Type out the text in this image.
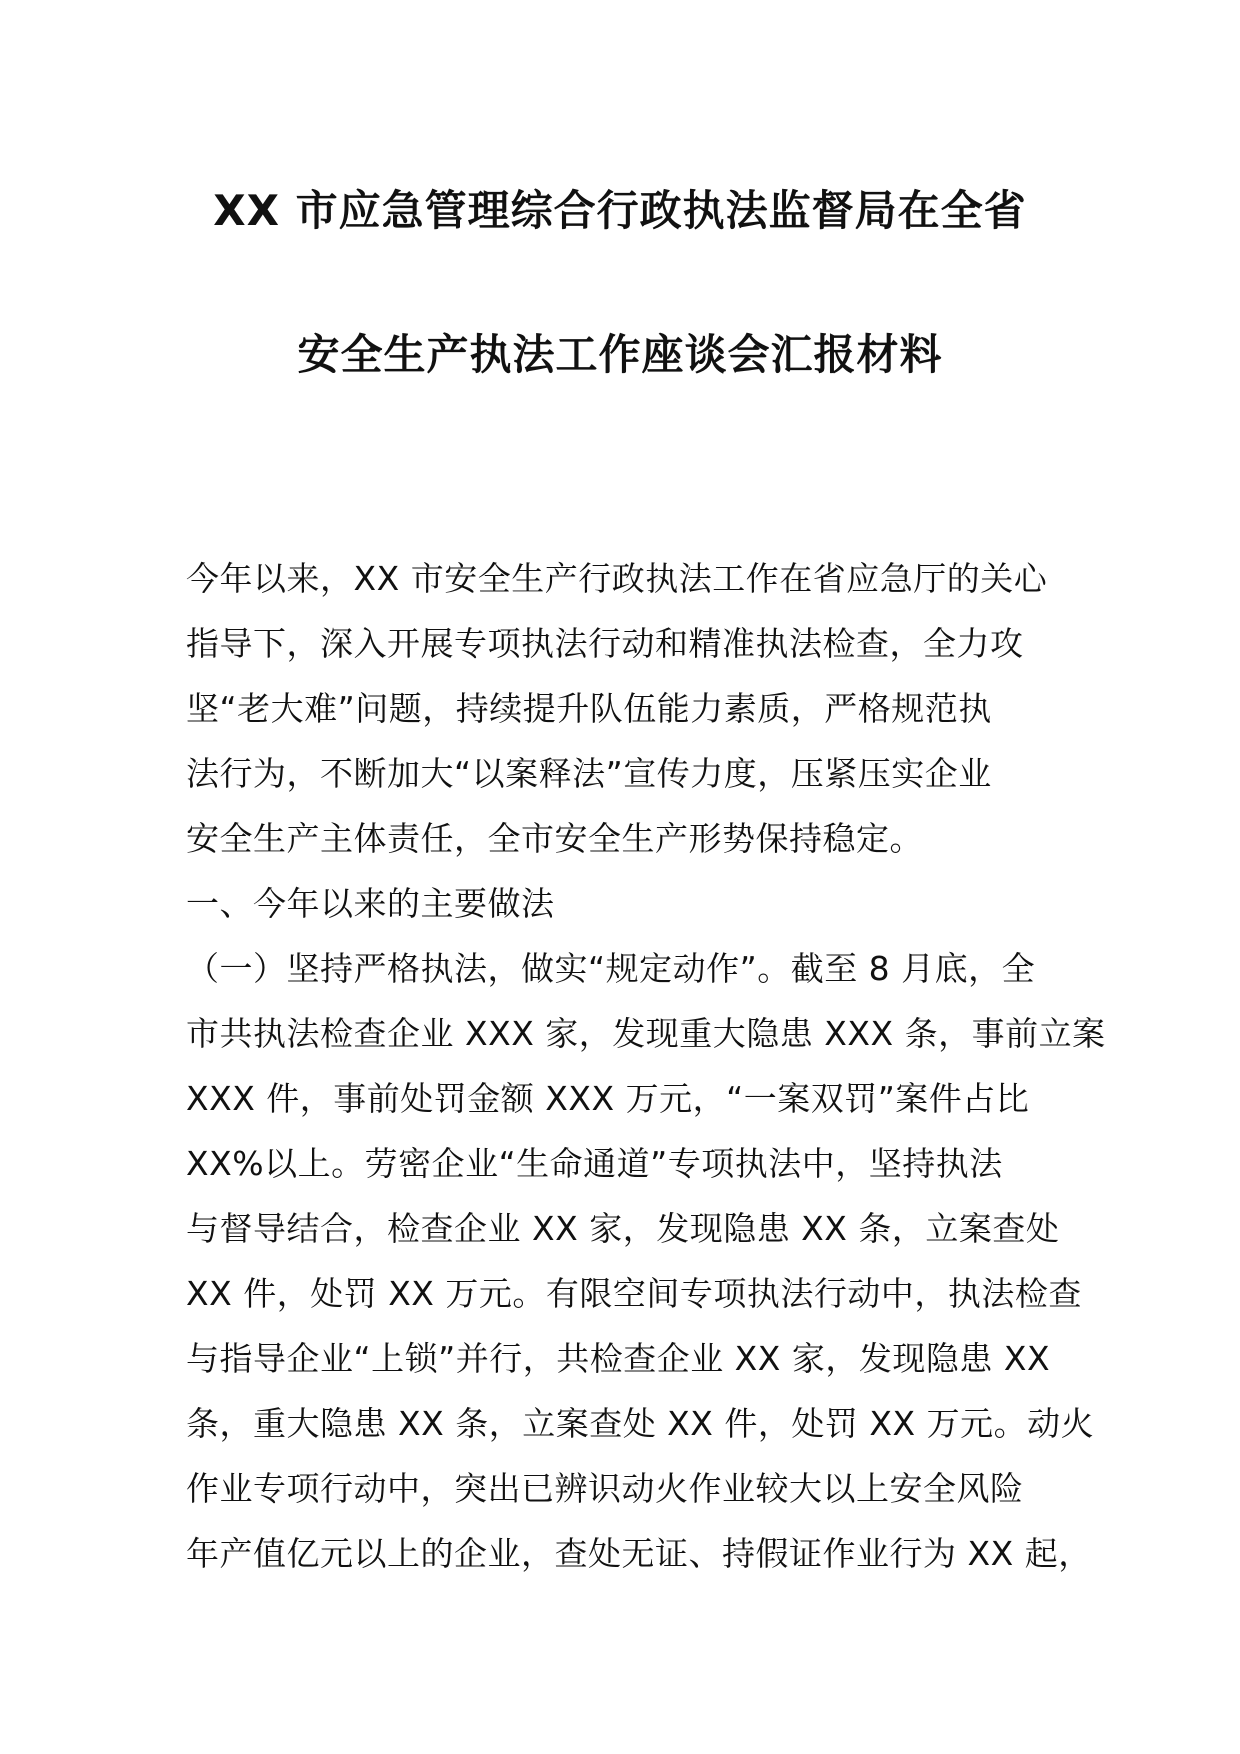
XX 市应急管理综合行政执法监督局在全省

安全生产执法工作座谈会汇报材料

今年以来，XX 市安全生产行政执法工作在省应急厅的关心

指导下，深入开展专项执法行动和精准执法检查，全力攻

坚“老大难”问题，持续提升队伍能力素质，严格规范执

法行为，不断加大“以案释法”宣传力度，压紧压实企业

安全生产主体责任，全市安全生产形势保持稳定。

一、今年以来的主要做法

（一）坚持严格执法，做实“规定动作”。截至 8 月底，全

市共执法检查企业 XXX 家，发现重大隐患 XXX 条，事前立案

XXX 件，事前处罚金额 XXX 万元，“一案双罚”案件占比

XX%以上。劳密企业“生命通道”专项执法中，坚持执法

与督导结合，检查企业 XX 家，发现隐患 XX 条，立案查处

XX 件，处罚 XX 万元。有限空间专项执法行动中，执法检查

与指导企业“上锁”并行，共检查企业 XX 家，发现隐患 XX

条，重大隐患 XX 条，立案查处 XX 件，处罚 XX 万元。动火

作业专项行动中，突出已辨识动火作业较大以上安全风险

年产值亿元以上的企业，查处无证、持假证作业行为 XX 起，
